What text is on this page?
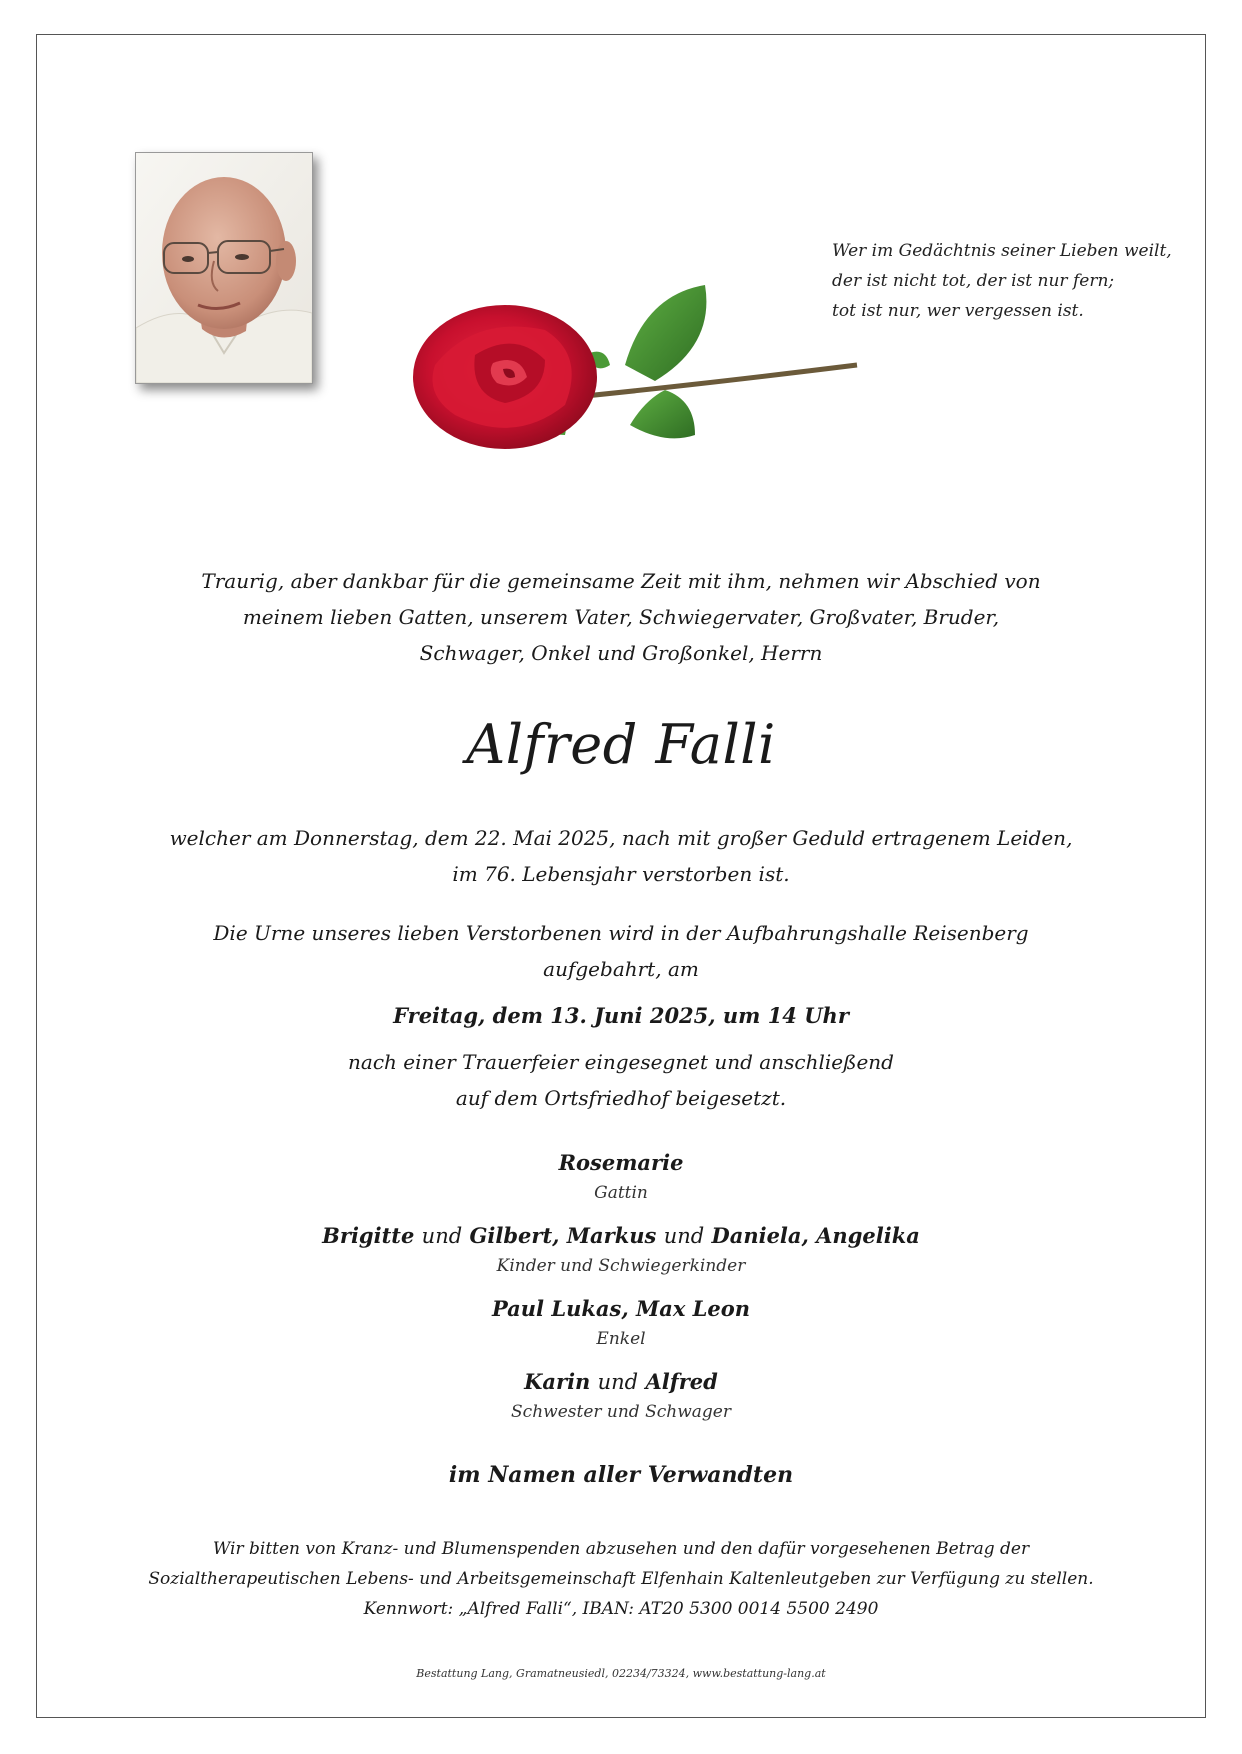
Wer im Gedächtnis seiner Lieben weilt,
der ist nicht tot, der ist nur fern;
tot ist nur, wer vergessen ist.
Traurig, aber dankbar für die gemeinsame Zeit mit ihm, nehmen wir Abschied von
meinem lieben Gatten, unserem Vater, Schwiegervater, Großvater, Bruder,
Schwager, Onkel und Großonkel, Herrn
Alfred Falli
welcher am Donnerstag, dem 22. Mai 2025, nach mit großer Geduld ertragenem Leiden,
im 76. Lebensjahr verstorben ist.
Die Urne unseres lieben Verstorbenen wird in der Aufbahrungshalle Reisenberg
aufgebahrt, am
Freitag, dem 13. Juni 2025, um 14 Uhr
nach einer Trauerfeier eingesegnet und anschließend
auf dem Ortsfriedhof beigesetzt.
Rosemarie
Gattin
Brigitte und Gilbert, Markus und Daniela, Angelika
Kinder und Schwiegerkinder
Paul Lukas, Max Leon
Enkel
Karin und Alfred
Schwester und Schwager
im Namen aller Verwandten
Wir bitten von Kranz- und Blumenspenden abzusehen und den dafür vorgesehenen Betrag der
Sozialtherapeutischen Lebens- und Arbeitsgemeinschaft Elfenhain Kaltenleutgeben zur Verfügung zu stellen.
Kennwort: „Alfred Falli“, IBAN: AT20 5300 0014 5500 2490
Bestattung Lang, Gramatneusiedl, 02234/73324, www.bestattung-lang.at
